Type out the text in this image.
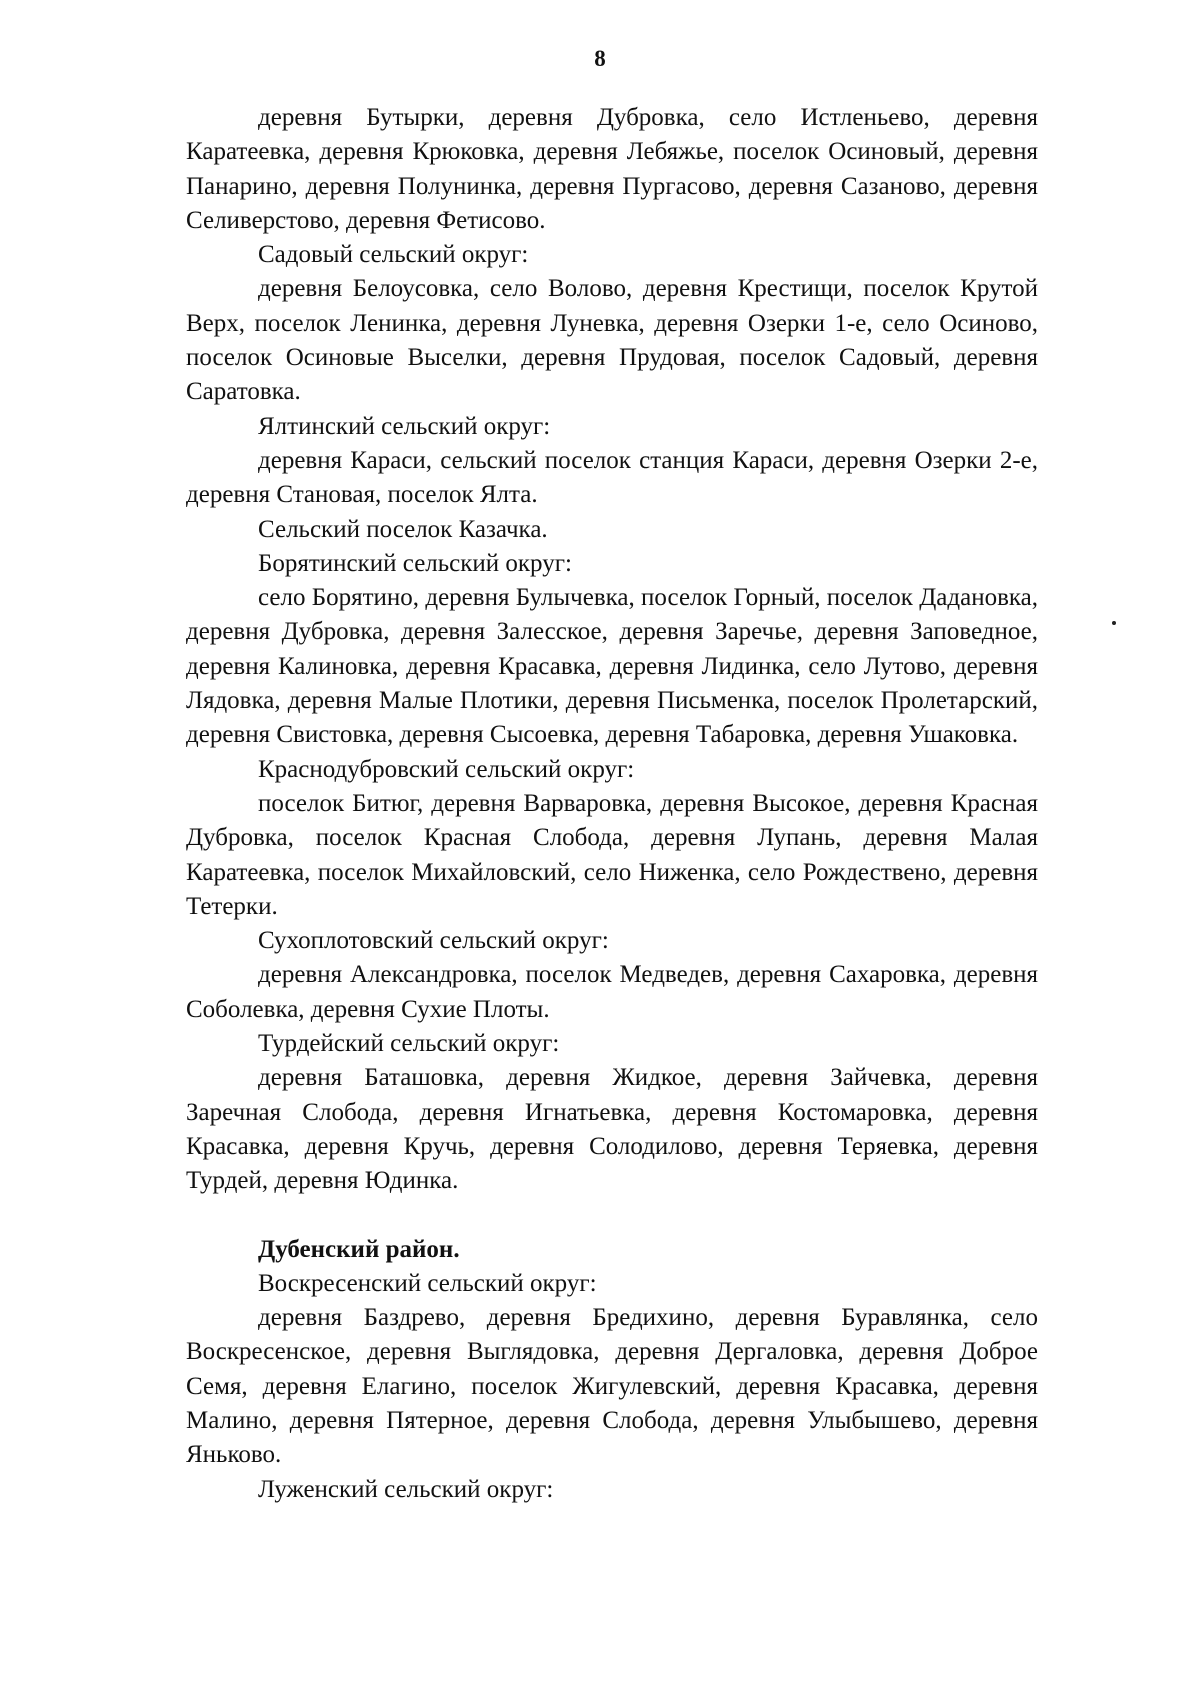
8

деревня Бутырки, деревня Дубровка, село Истленьево, деревня Каратеевка, деревня Крюковка, деревня Лебяжье, поселок Осиновый, деревня Панарино, деревня Полунинка, деревня Пургасово, деревня Сазаново, деревня Селиверстово, деревня Фетисово.

Садовый сельский округ:

деревня Белоусовка, село Волово, деревня Крестищи, поселок Крутой Верх, поселок Ленинка, деревня Луневка, деревня Озерки 1-е, село Осиново, поселок Осиновые Выселки, деревня Прудовая, поселок Садовый, деревня Саратовка.

Ялтинский сельский округ:

деревня Караси, сельский поселок станция Караси, деревня Озерки 2-е, деревня Становая, поселок Ялта.

Сельский поселок Казачка.

Борятинский сельский округ:

село Борятино, деревня Булычевка, поселок Горный, поселок Дадановка, деревня Дубровка, деревня Залесское, деревня Заречье, деревня Заповедное, деревня Калиновка, деревня Красавка, деревня Лидинка, село Лутово, деревня Лядовка, деревня Малые Плотики, деревня Письменка, поселок Пролетарский, деревня Свистовка, деревня Сысоевка, деревня Табаровка, деревня Ушаковка.

Краснодубровский сельский округ:

поселок Битюг, деревня Варваровка, деревня Высокое, деревня Красная Дубровка, поселок Красная Слобода, деревня Лупань, деревня Малая Каратеевка, поселок Михайловский, село Ниженка, село Рождествено, деревня Тетерки.

Сухоплотовский сельский округ:

деревня Александровка, поселок Медведев, деревня Сахаровка, деревня Соболевка, деревня Сухие Плоты.

Турдейский сельский округ:

деревня Баташовка, деревня Жидкое, деревня Зайчевка, деревня Заречная Слобода, деревня Игнатьевка, деревня Костомаровка, деревня Красавка, деревня Кручь, деревня Солодилово, деревня Теряевка, деревня Турдей, деревня Юдинка.

Дубенский район.

Воскресенский сельский округ:

деревня Баздрево, деревня Бредихино, деревня Буравлянка, село Воскресенское, деревня Выглядовка, деревня Дергаловка, деревня Доброе Семя, деревня Елагино, поселок Жигулевский, деревня Красавка, деревня Малино, деревня Пятерное, деревня Слобода, деревня Улыбышево, деревня Яньково.

Луженский сельский округ:
